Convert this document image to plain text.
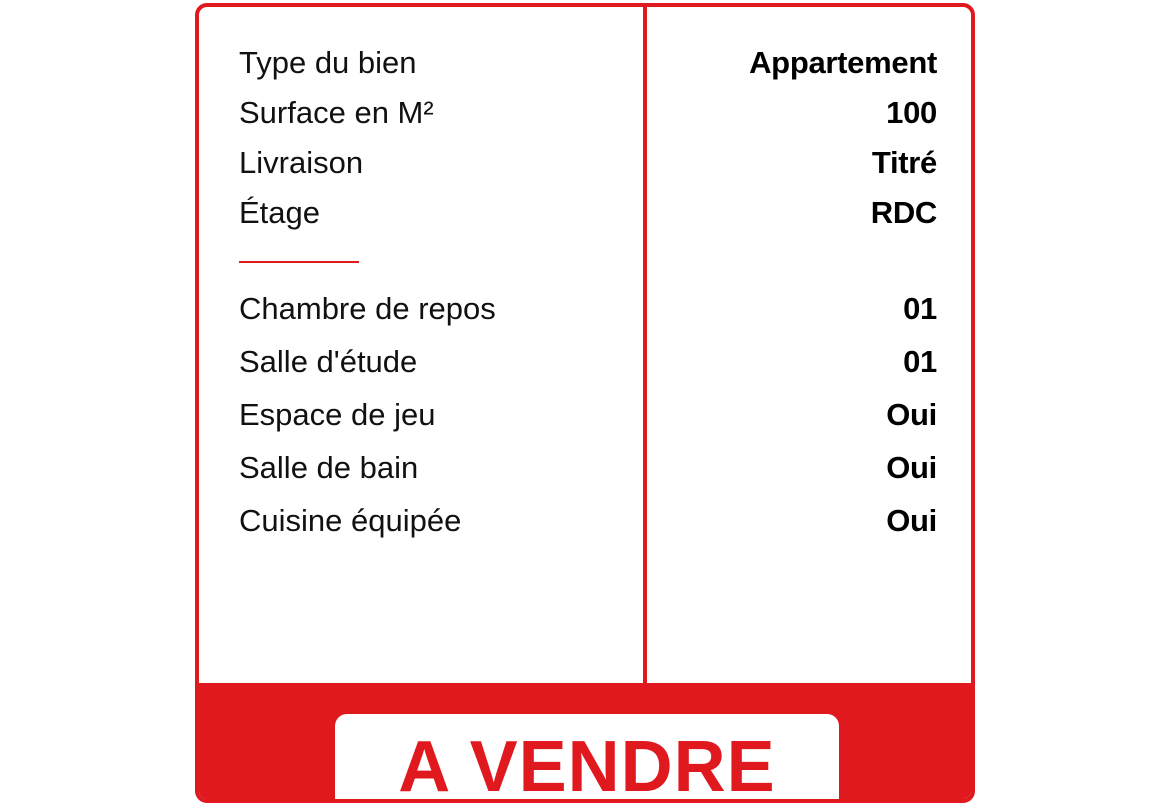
Type du bien	Appartement
Surface en M²	100
Livraison	Titré
Étage	RDC
Chambre de repos	01
Salle d'étude	01
Espace de jeu	Oui
Salle de bain	Oui
Cuisine équipée	Oui
A VENDRE
